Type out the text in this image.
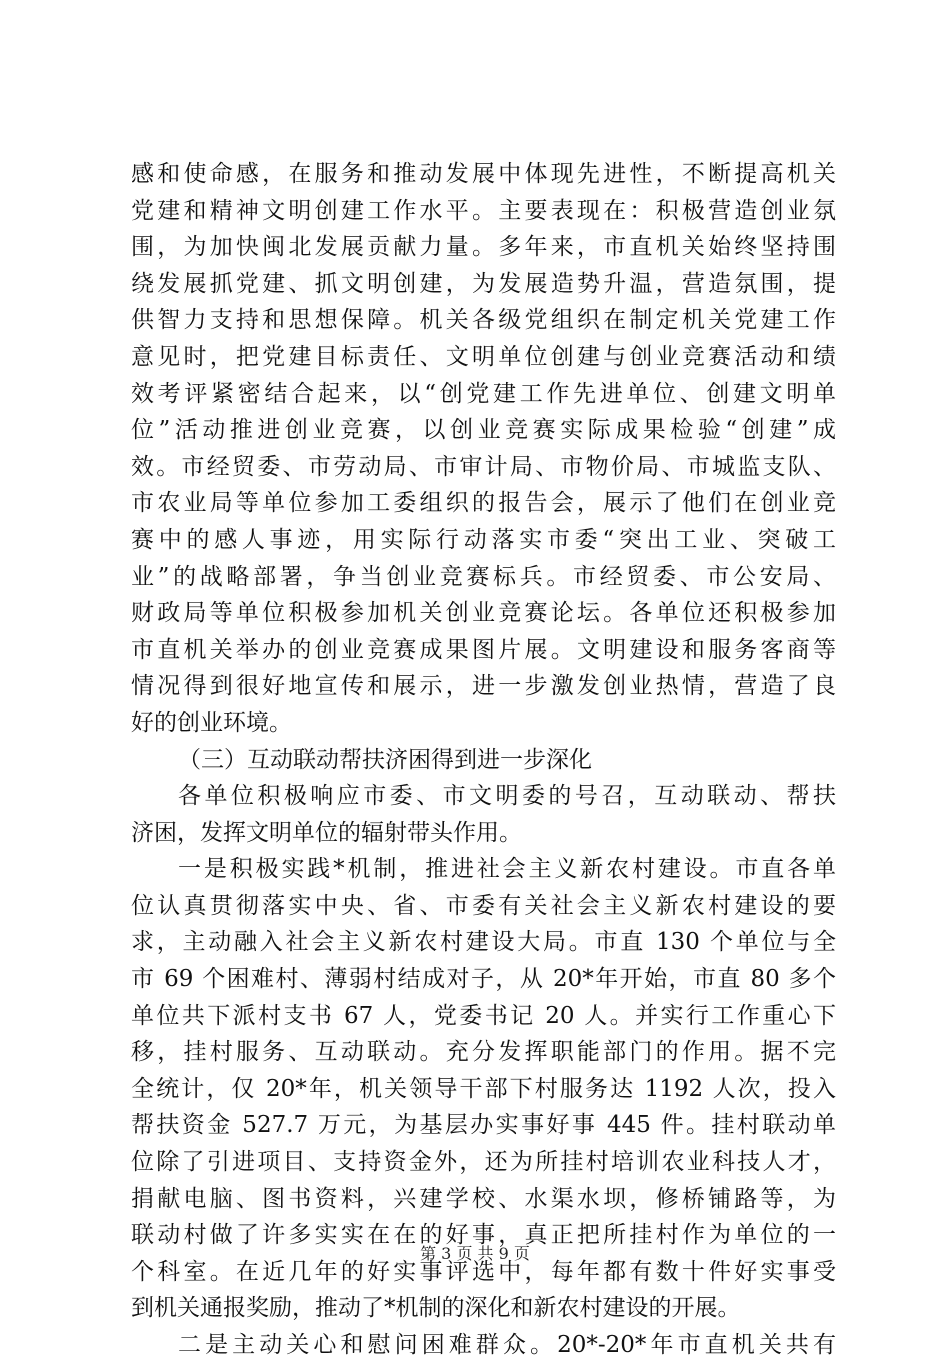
感和使命感，在服务和推动发展中体现先进性，不断提高机关
党建和精神文明创建工作水平。主要表现在：积极营造创业氛
围，为加快闽北发展贡献力量。多年来，市直机关始终坚持围
绕发展抓党建、抓文明创建，为发展造势升温，营造氛围，提
供智力支持和思想保障。机关各级党组织在制定机关党建工作
意见时，把党建目标责任、文明单位创建与创业竞赛活动和绩
效考评紧密结合起来，以“创党建工作先进单位、创建文明单
位”活动推进创业竞赛，以创业竞赛实际成果检验“创建”成
效。市经贸委、市劳动局、市审计局、市物价局、市城监支队、
市农业局等单位参加工委组织的报告会，展示了他们在创业竞
赛中的感人事迹，用实际行动落实市委“突出工业、突破工
业”的战略部署，争当创业竞赛标兵。市经贸委、市公安局、
财政局等单位积极参加机关创业竞赛论坛。各单位还积极参加
市直机关举办的创业竞赛成果图片展。文明建设和服务客商等
情况得到很好地宣传和展示，进一步激发创业热情，营造了良
好的创业环境。
（三）互动联动帮扶济困得到进一步深化
各单位积极响应市委、市文明委的号召，互动联动、帮扶
济困，发挥文明单位的辐射带头作用。
一是积极实践*机制，推进社会主义新农村建设。市直各单
位认真贯彻落实中央、省、市委有关社会主义新农村建设的要
求，主动融入社会主义新农村建设大局。市直 130 个单位与全
市 69 个困难村、薄弱村结成对子，从 20*年开始，市直 80 多个
单位共下派村支书 67 人，党委书记 20 人。并实行工作重心下
移，挂村服务、互动联动。充分发挥职能部门的作用。据不完
全统计，仅 20*年，机关领导干部下村服务达 1192 人次，投入
帮扶资金 527.7 万元，为基层办实事好事 445 件。挂村联动单
位除了引进项目、支持资金外，还为所挂村培训农业科技人才，
捐献电脑、图书资料，兴建学校、水渠水坝，修桥铺路等，为
联动村做了许多实实在在的好事，真正把所挂村作为单位的一
个科室。在近几年的好实事评选中，每年都有数十件好实事受
到机关通报奖励，推动了*机制的深化和新农村建设的开展。
二是主动关心和慰问困难群众。20*-20*年市直机关共有
第 3 页 共 9 页
